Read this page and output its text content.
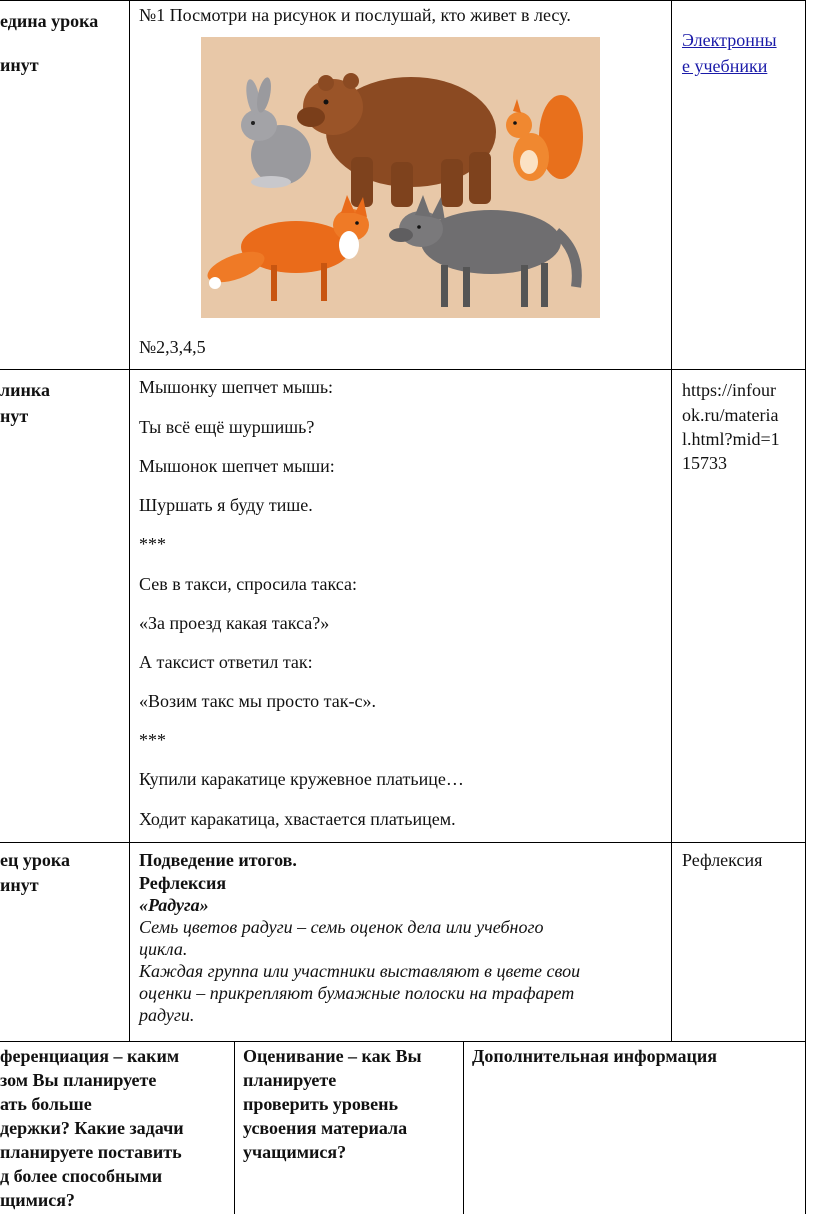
едина урока
инут
№1 Посмотри на рисунок и послушай, кто живет в лесу.
№2,3,4,5
Электронны
е учебники
линка
нут
Мышонку шепчет мышь:
Ты всё ещё шуршишь?
Мышонок шепчет мыши:
Шуршать я буду тише.
***
Сев в такси, спросила такса:
«За проезд какая такса?»
А таксист ответил так:
«Возим такс мы просто так-с».
***
Купили каракатице кружевное платьице…
Ходит каракатица, хвастается платьицем.
https://infour
ok.ru/materia
l.html?mid=1
15733
ец урока
инут
Подведение итогов.
Рефлексия
«Радуга»
Семь цветов радуги – семь оценок дела или учебного
цикла.
Каждая группа или участники выставляют в цвете свои
оценки – прикрепляют бумажные полоски на трафарет
радуги.
Рефлексия
ференциация – каким
зом Вы планируете
ать больше
держки? Какие задачи
планируете поставить
д более способными
щимися?
Оценивание – как Вы
планируете
проверить уровень
усвоения материала
учащимися?
Дополнительная информация
